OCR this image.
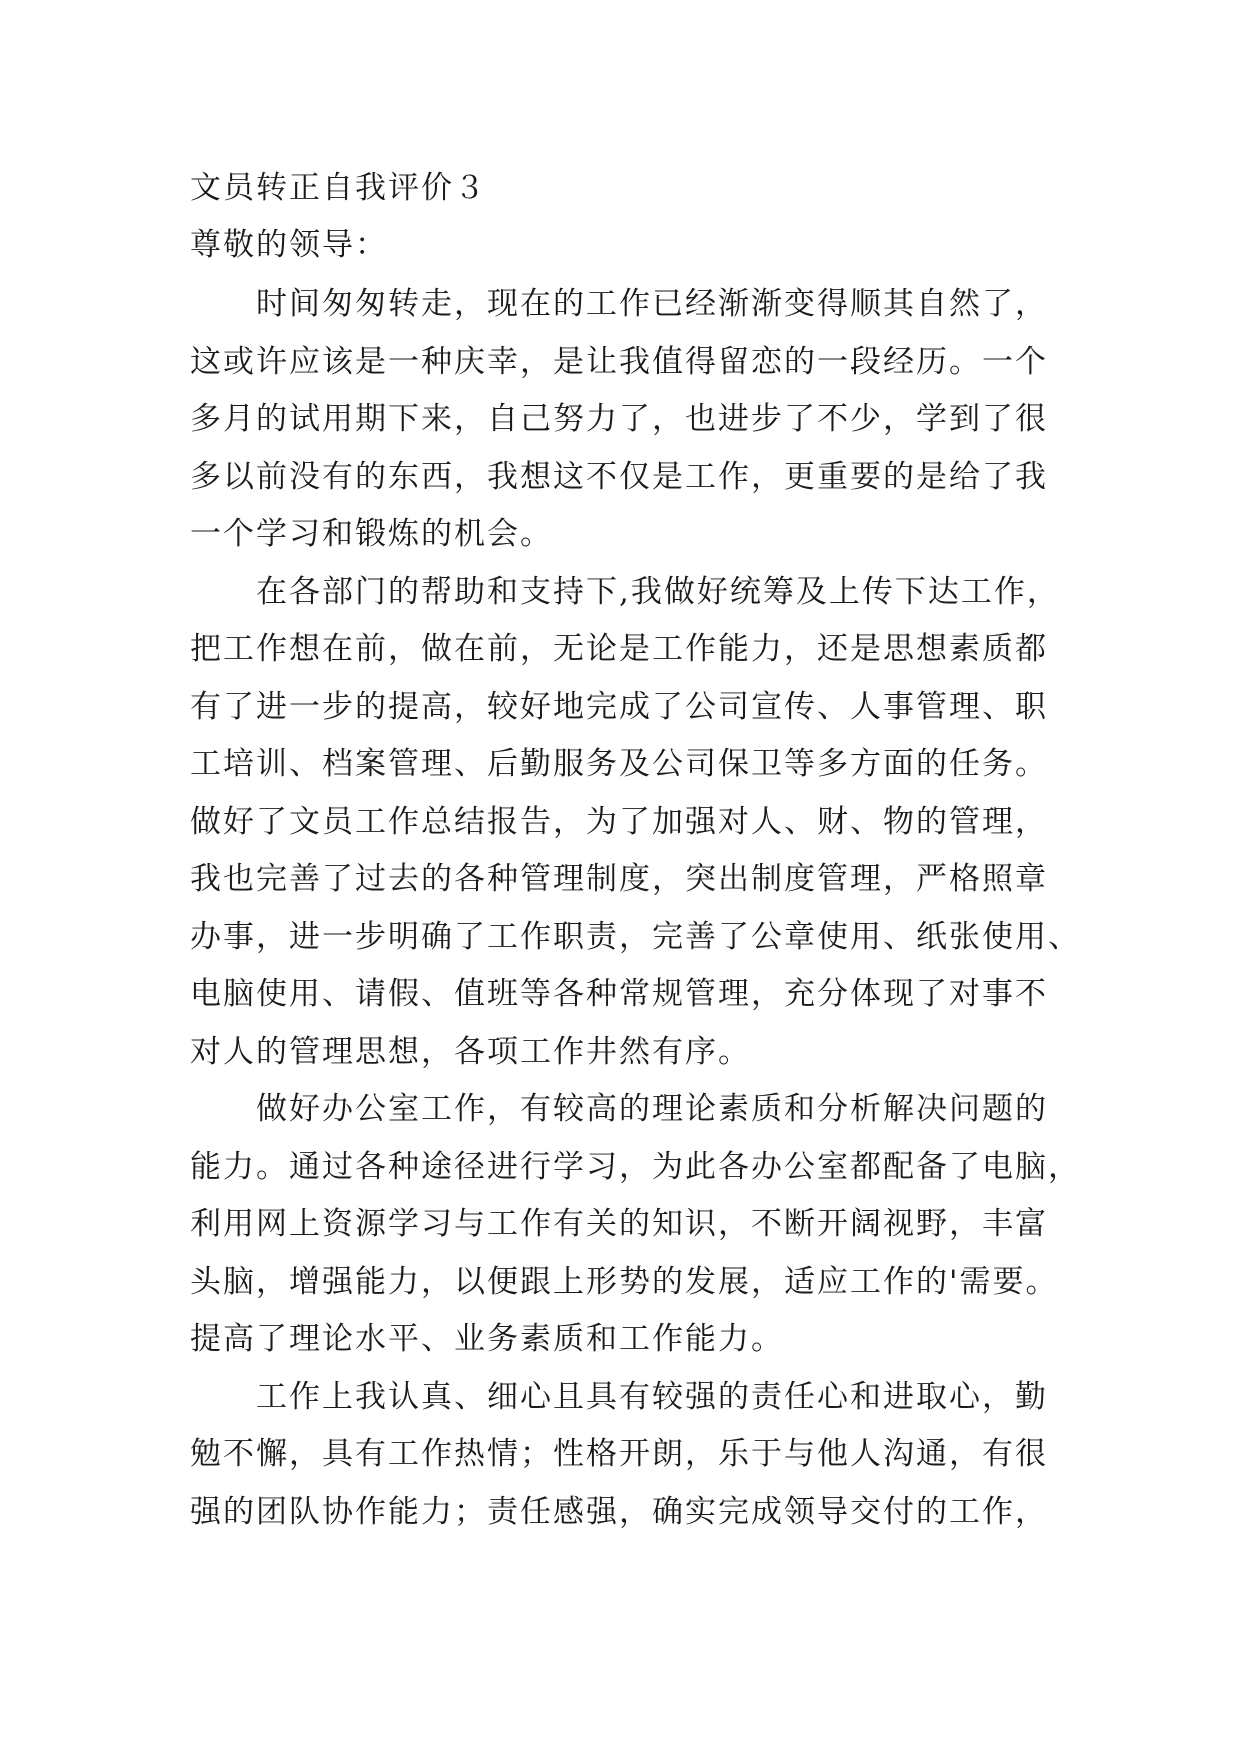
文员转正自我评价３
尊敬的领导：
时间匆匆转走，现在的工作已经渐渐变得顺其自然了，
这或许应该是一种庆幸，是让我值得留恋的一段经历。一个
多月的试用期下来，自己努力了，也进步了不少，学到了很
多以前没有的东西，我想这不仅是工作，更重要的是给了我
一个学习和锻炼的机会。
在各部门的帮助和支持下,我做好统筹及上传下达工作，
把工作想在前，做在前，无论是工作能力，还是思想素质都
有了进一步的提高，较好地完成了公司宣传、人事管理、职
工培训、档案管理、后勤服务及公司保卫等多方面的任务。
做好了文员工作总结报告，为了加强对人、财、物的管理，
我也完善了过去的各种管理制度，突出制度管理，严格照章
办事，进一步明确了工作职责，完善了公章使用、纸张使用、
电脑使用、请假、值班等各种常规管理，充分体现了对事不
对人的管理思想，各项工作井然有序。
做好办公室工作，有较高的理论素质和分析解决问题的
能力。通过各种途径进行学习，为此各办公室都配备了电脑，
利用网上资源学习与工作有关的知识，不断开阔视野，丰富
头脑，增强能力，以便跟上形势的发展，适应工作的'需要。
提高了理论水平、业务素质和工作能力。
工作上我认真、细心且具有较强的责任心和进取心，勤
勉不懈，具有工作热情；性格开朗，乐于与他人沟通，有很
强的团队协作能力；责任感强，确实完成领导交付的工作，
